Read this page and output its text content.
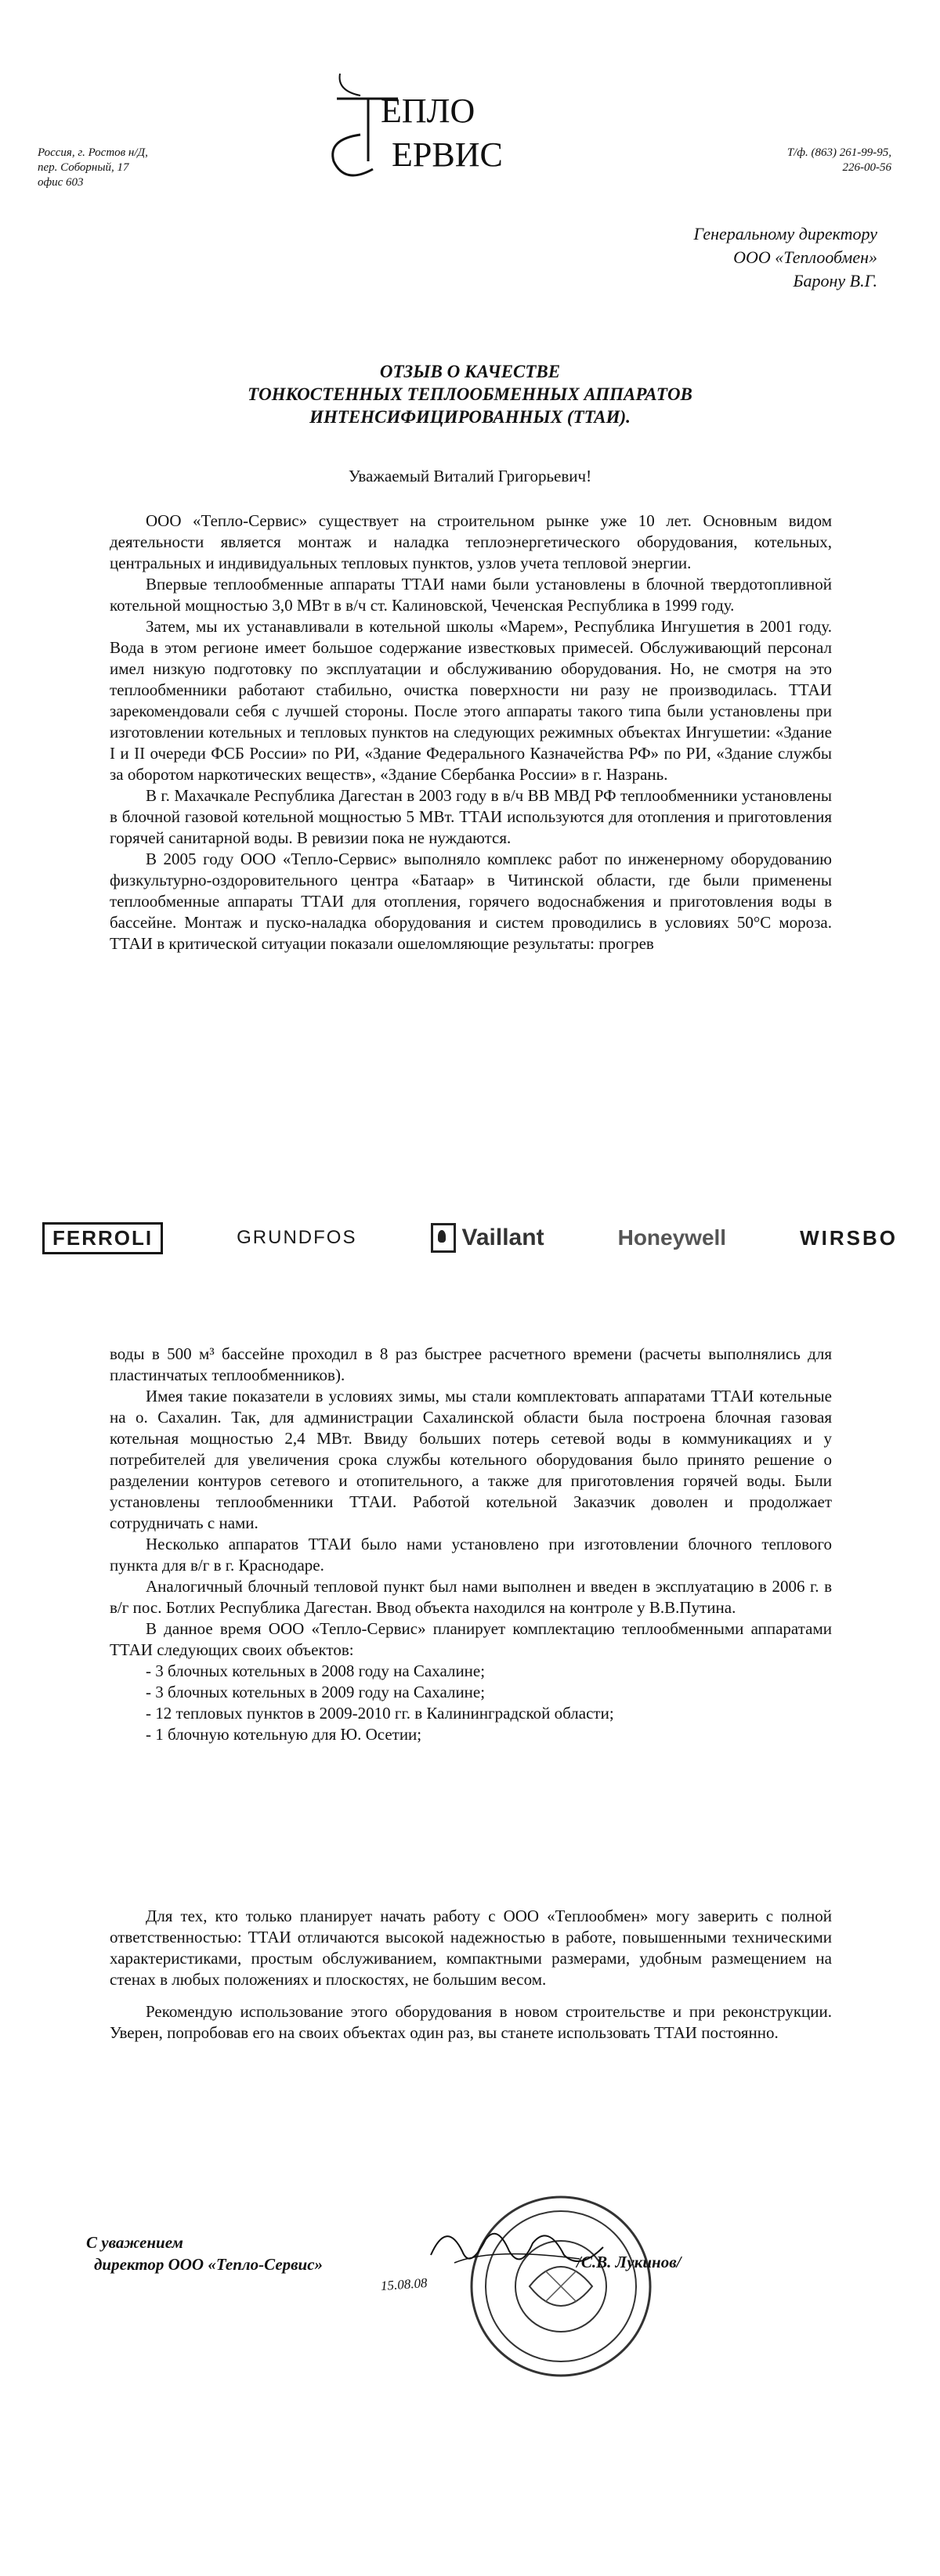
Россия, г. Ростов н/Д,
пер. Соборный, 17
офис 603
ЕПЛО
ЕРВИС	Т/ф. (863) 261-99-95,
226-00-56
Генеральному директору
ООО «Теплообмен»
Барону В.Г.
ОТЗЫВ О КАЧЕСТВЕ
ТОНКОСТЕННЫХ ТЕПЛООБМЕННЫХ АППАРАТОВ
ИНТЕНСИФИЦИРОВАННЫХ (ТТАИ).
Уважаемый Виталий Григорьевич!

ООО «Тепло-Сервис» существует на строительном рынке уже 10 лет. Основным видом деятельности является монтаж и наладка теплоэнергетического оборудования, котельных, центральных и индивидуальных тепловых пунктов, узлов учета тепловой энергии.

Впервые теплообменные аппараты ТТАИ нами были установлены в блочной твердотопливной котельной мощностью 3,0 МВт в в/ч ст. Калиновской, Чеченская Республика в 1999 году.

Затем, мы их устанавливали в котельной школы «Марем», Республика Ингушетия в 2001 году. Вода в этом регионе имеет большое содержание известковых примесей. Обслуживающий персонал имел низкую подготовку по эксплуатации и обслуживанию оборудования. Но, не смотря на это теплообменники работают стабильно, очистка поверхности ни разу не производилась. ТТАИ зарекомендовали себя с лучшей стороны. После этого аппараты такого типа были установлены при изготовлении котельных и тепловых пунктов на следующих режимных объектах Ингушетии: «Здание I и II очереди ФСБ России» по РИ, «Здание Федерального Казначейства РФ» по РИ, «Здание службы за оборотом наркотических веществ», «Здание Сбербанка России» в г. Назрань.

В г. Махачкале Республика Дагестан в 2003 году в в/ч ВВ МВД РФ теплообменники установлены в блочной газовой котельной мощностью 5 МВт. ТТАИ используются для отопления и приготовления горячей санитарной воды. В ревизии пока не нуждаются.

В 2005 году ООО «Тепло-Сервис» выполняло комплекс работ по инженерному оборудованию физкультурно-оздоровительного центра «Батаар» в Читинской области, где были применены теплообменные аппараты ТТАИ для отопления, горячего водоснабжения и приготовления воды в бассейне. Монтаж и пуско-наладка оборудования и систем проводились в условиях 50°С мороза. ТТАИ в критической ситуации показали ошеломляющие результаты: прогрев

FERROLI	GRUNDFOS	Vaillant	Honeywell	WIRSBO

воды в 500 м³ бассейне проходил в 8 раз быстрее расчетного времени (расчеты выполнялись для пластинчатых теплообменников).

Имея такие показатели в условиях зимы, мы стали комплектовать аппаратами ТТАИ котельные на о. Сахалин. Так, для администрации Сахалинской области была построена блочная газовая котельная мощностью 2,4 МВт. Ввиду больших потерь сетевой воды в коммуникациях и у потребителей для увеличения срока службы котельного оборудования было принято решение о разделении контуров сетевого и отопительного, а также для приготовления горячей воды. Были установлены теплообменники ТТАИ. Работой котельной Заказчик доволен и продолжает сотрудничать с нами.

Несколько аппаратов ТТАИ было нами установлено при изготовлении блочного теплового пункта для в/г в г. Краснодаре.

Аналогичный блочный тепловой пункт был нами выполнен и введен в эксплуатацию в 2006 г. в в/г пос. Ботлих Республика Дагестан. Ввод объекта находился на контроле у В.В.Путина.

В данное время ООО «Тепло-Сервис» планирует комплектацию теплообменными аппаратами ТТАИ следующих своих объектов:

- 3 блочных котельных в 2008 году на Сахалине;
- 3 блочных котельных в 2009 году на Сахалине;
- 12 тепловых пунктов в 2009-2010 гг. в Калининградской области;
- 1 блочную котельную для Ю. Осетии;

Для тех, кто только планирует начать работу с ООО «Теплообмен» могу заверить с полной ответственностью: ТТАИ отличаются высокой надежностью в работе, повышенными техническими характеристиками, простым обслуживанием, компактными размерами, удобным размещением на стенах в любых положениях и плоскостях, не большим весом.

Рекомендую использование этого оборудования в новом строительстве и при реконструкции. Уверен, попробовав его на своих объектах один раз, вы станете использовать ТТАИ постоянно.

С уважением
директор ООО «Тепло-Сервис»	/С.В. Лукинов/
15.08.08
